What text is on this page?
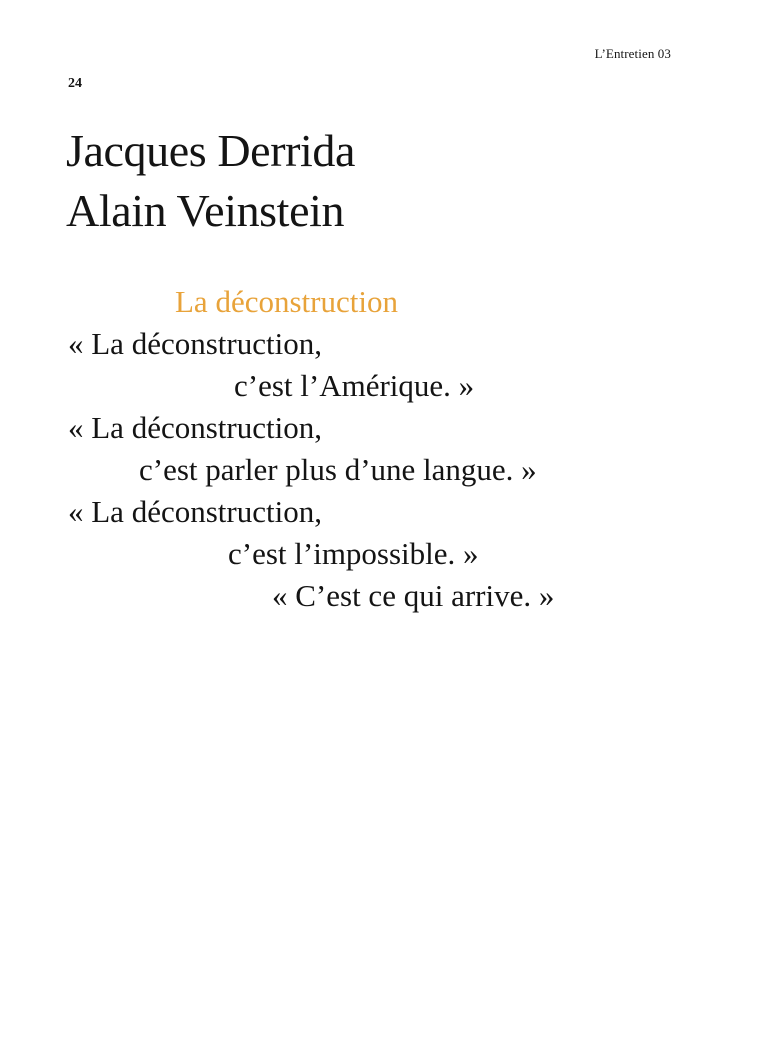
L’Entretien 03
24
Jacques Derrida
Alain Veinstein
La déconstruction
« La déconstruction,
c’est l’Amérique. »
« La déconstruction,
c’est parler plus d’une langue. »
« La déconstruction,
c’est l’impossible. »
« C’est ce qui arrive. »
